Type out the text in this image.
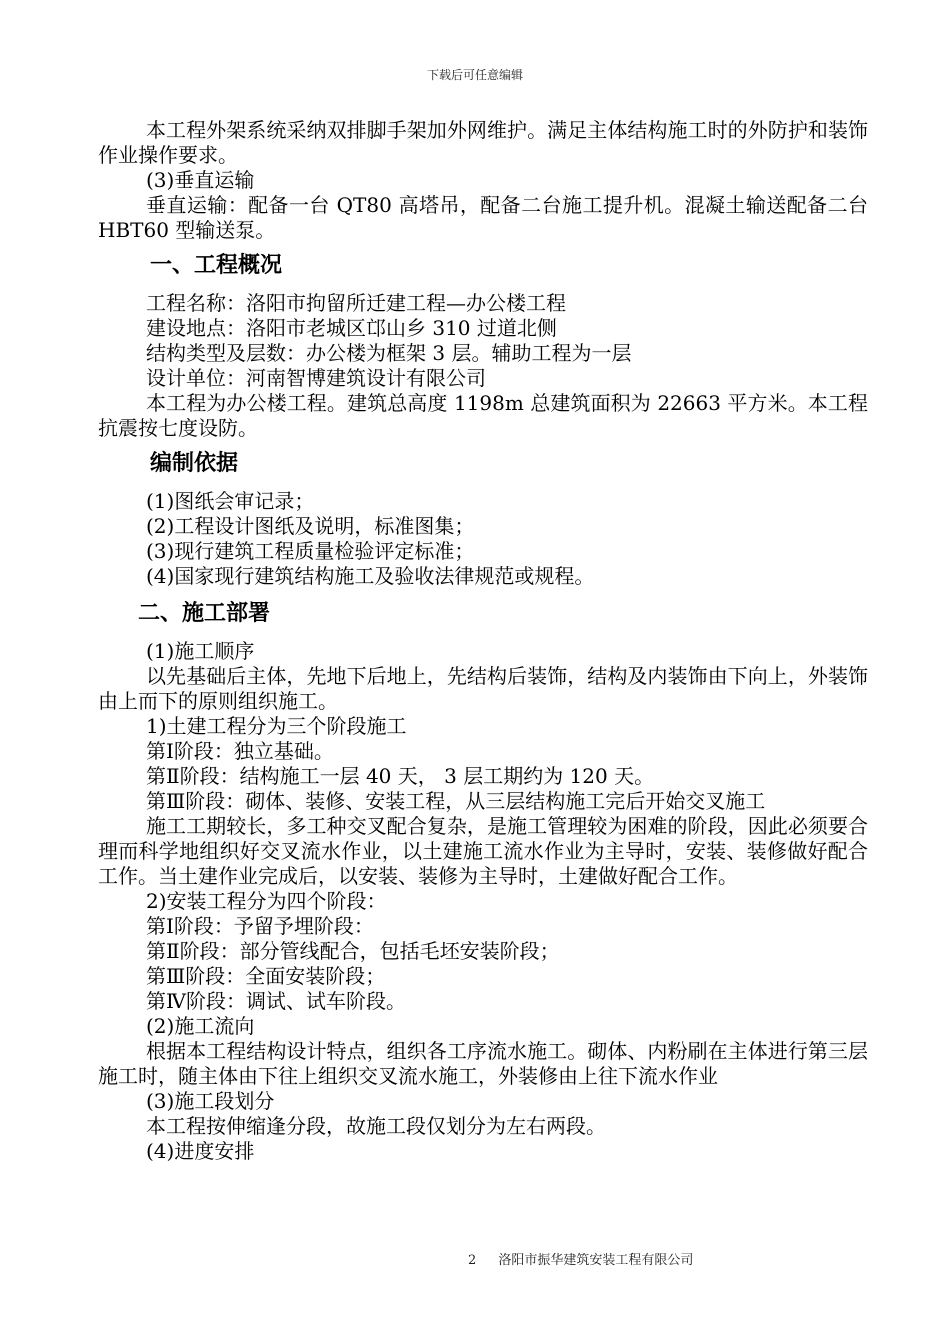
下载后可任意编辑

本工程外架系统采纳双排脚手架加外网维护。满足主体结构施工时的外防护和装饰作业操作要求。

(3)垂直运输

垂直运输：配备一台 QT80 高塔吊，配备二台施工提升机。混凝土输送配备二台 HBT60 型输送泵。

一、工程概况

工程名称：洛阳市拘留所迁建工程—办公楼工程

建设地点：洛阳市老城区邙山乡 310 过道北侧

结构类型及层数：办公楼为框架 3 层。辅助工程为一层

设计单位：河南智博建筑设计有限公司

本工程为办公楼工程。建筑总高度 1198m 总建筑面积为 22663 平方米。本工程抗震按七度设防。

编制依据

(1)图纸会审记录；

(2)工程设计图纸及说明，标准图集；

(3)现行建筑工程质量检验评定标准；

(4)国家现行建筑结构施工及验收法律规范或规程。

二、施工部署

(1)施工顺序

以先基础后主体，先地下后地上，先结构后装饰，结构及内装饰由下向上，外装饰由上而下的原则组织施工。

1)土建工程分为三个阶段施工

第Ⅰ阶段：独立基础。

第Ⅱ阶段：结构施工一层 40 天， 3 层工期约为 120 天。

第Ⅲ阶段：砌体、装修、安装工程，从三层结构施工完后开始交叉施工

施工工期较长，多工种交叉配合复杂，是施工管理较为困难的阶段，因此必须要合理而科学地组织好交叉流水作业，以土建施工流水作业为主导时，安装、装修做好配合工作。当土建作业完成后，以安装、装修为主导时，土建做好配合工作。

2)安装工程分为四个阶段：

第Ⅰ阶段：予留予埋阶段：

第Ⅱ阶段：部分管线配合，包括毛坯安装阶段；

第Ⅲ阶段：全面安装阶段；

第Ⅳ阶段：调试、试车阶段。

(2)施工流向

根据本工程结构设计特点，组织各工序流水施工。砌体、内粉刷在主体进行第三层施工时，随主体由下往上组织交叉流水施工，外装修由上往下流水作业

(3)施工段划分

本工程按伸缩逢分段，故施工段仅划分为左右两段。

(4)进度安排

2 洛阳市振华建筑安装工程有限公司
